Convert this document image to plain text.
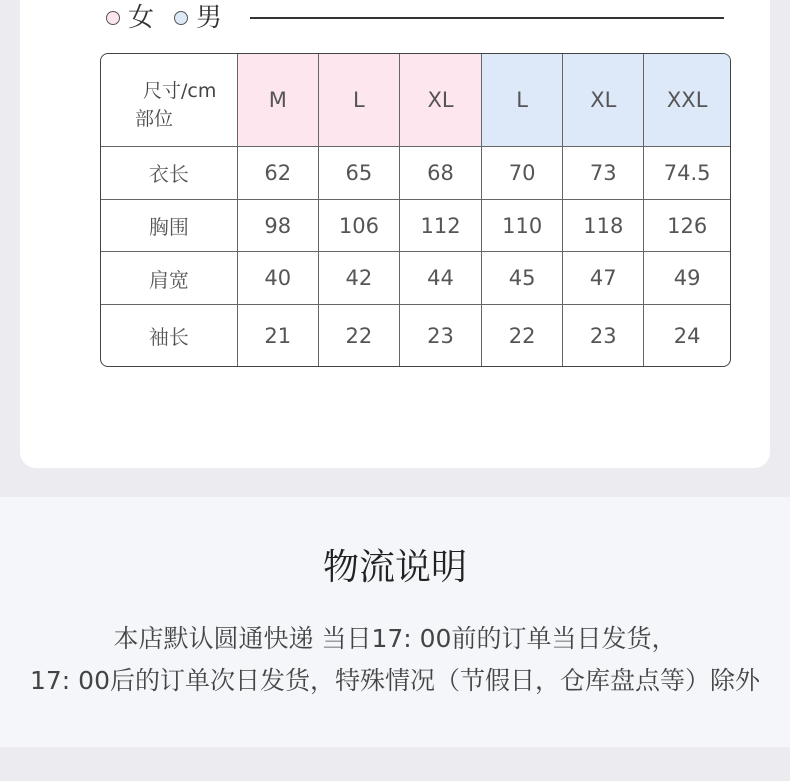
女 男
尺寸/cm
部位	M	L	XL	L	XL	XXL
衣长	62	65	68	70	73	74.5
胸围	98	106	112	110	118	126
肩宽	40	42	44	45	47	49
袖长	21	22	23	22	23	24
物流说明
本店默认圆通快递 当日17: 00前的订单当日发货，
17: 00后的订单次日发货，特殊情况（节假日，仓库盘点等）除外
